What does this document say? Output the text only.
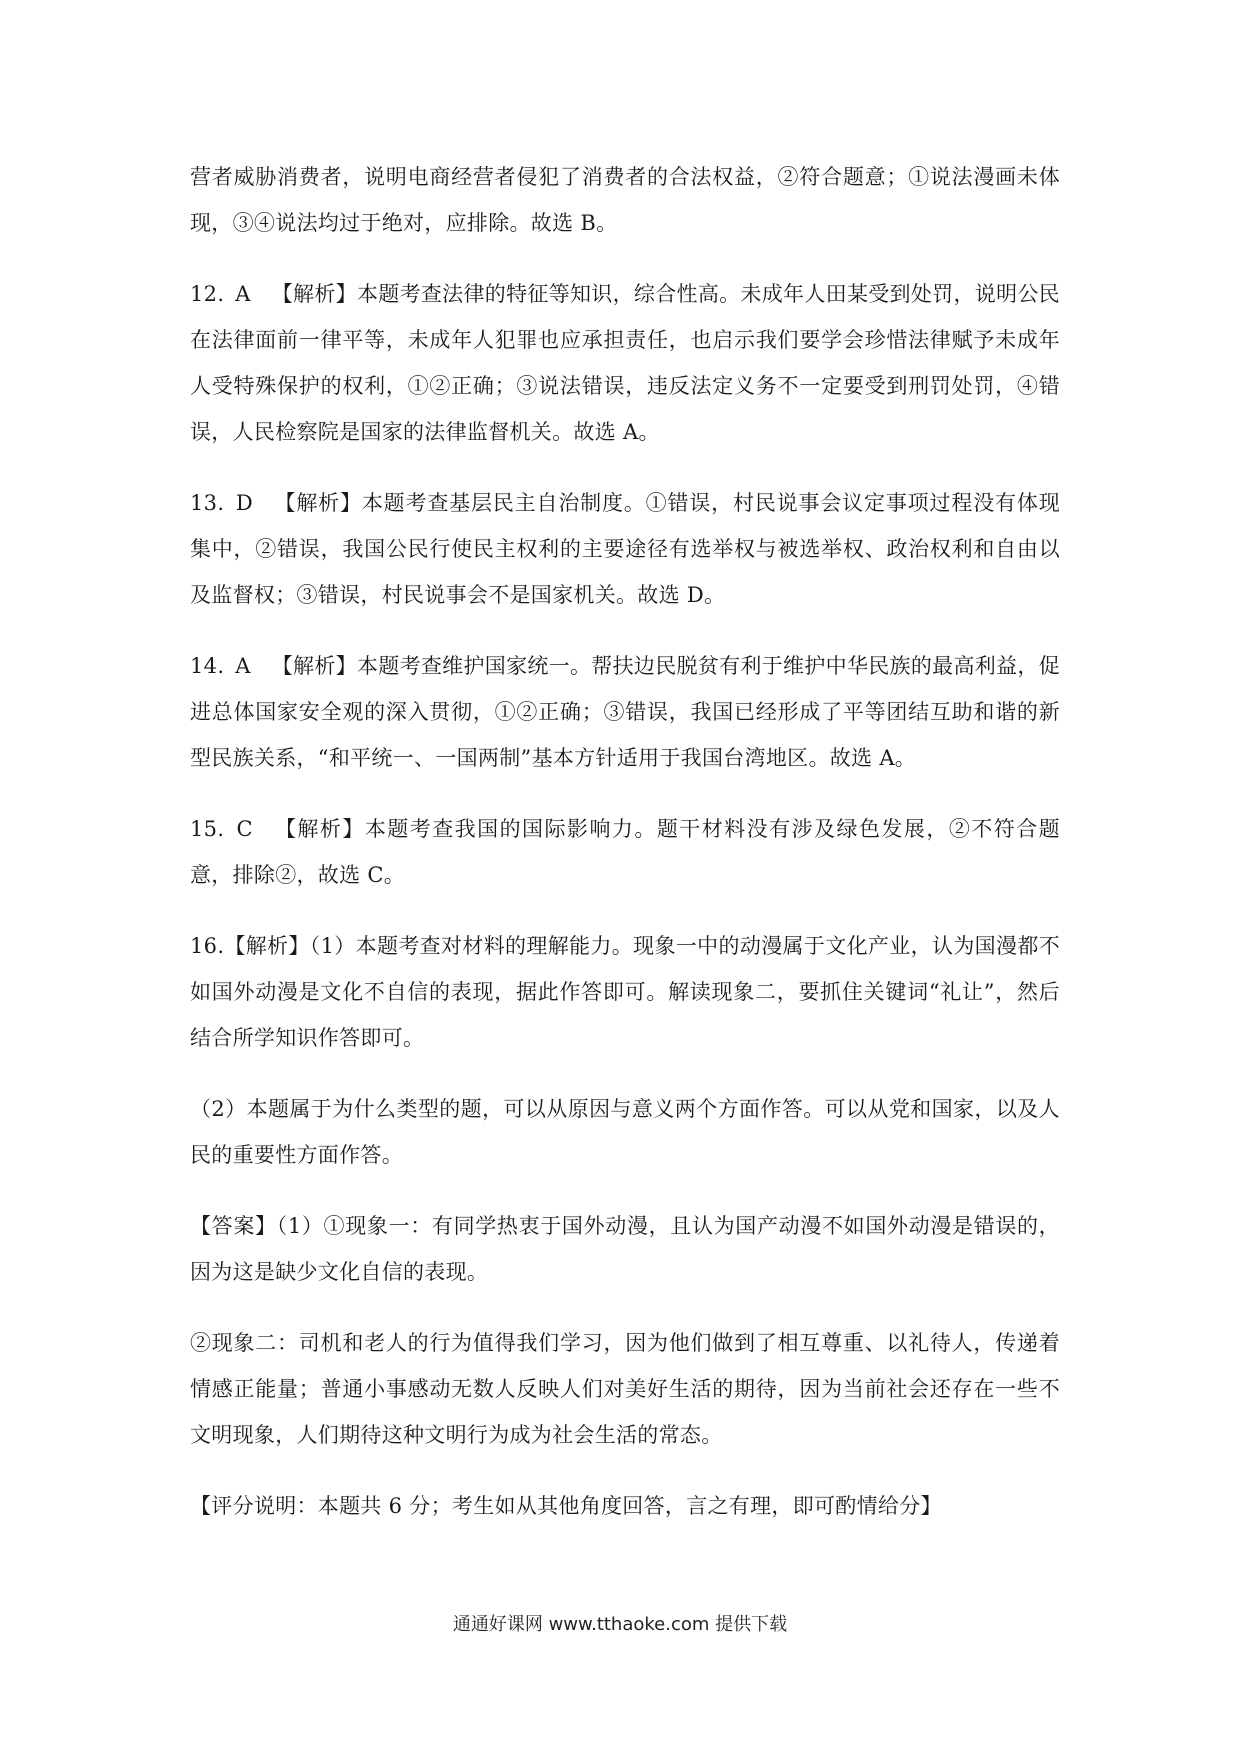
营者威胁消费者，说明电商经营者侵犯了消费者的合法权益，②符合题意；①说法漫画未体现，③④说法均过于绝对，应排除。故选 B。

12. A 【解析】本题考查法律的特征等知识，综合性高。未成年人田某受到处罚，说明公民在法律面前一律平等，未成年人犯罪也应承担责任，也启示我们要学会珍惜法律赋予未成年人受特殊保护的权利，①②正确；③说法错误，违反法定义务不一定要受到刑罚处罚，④错误，人民检察院是国家的法律监督机关。故选 A。

13. D 【解析】本题考查基层民主自治制度。①错误，村民说事会议定事项过程没有体现集中，②错误，我国公民行使民主权利的主要途径有选举权与被选举权、政治权利和自由以及监督权；③错误，村民说事会不是国家机关。故选 D。

14. A 【解析】本题考查维护国家统一。帮扶边民脱贫有利于维护中华民族的最高利益，促进总体国家安全观的深入贯彻，①②正确；③错误，我国已经形成了平等团结互助和谐的新型民族关系，“和平统一、一国两制”基本方针适用于我国台湾地区。故选 A。

15. C 【解析】本题考查我国的国际影响力。题干材料没有涉及绿色发展，②不符合题意，排除②，故选 C。

16.【解析】（1）本题考查对材料的理解能力。现象一中的动漫属于文化产业，认为国漫都不如国外动漫是文化不自信的表现，据此作答即可。解读现象二，要抓住关键词“礼让”，然后结合所学知识作答即可。

（2）本题属于为什么类型的题，可以从原因与意义两个方面作答。可以从党和国家，以及人民的重要性方面作答。

【答案】（1）①现象一：有同学热衷于国外动漫，且认为国产动漫不如国外动漫是错误的，因为这是缺少文化自信的表现。

②现象二：司机和老人的行为值得我们学习，因为他们做到了相互尊重、以礼待人，传递着情感正能量；普通小事感动无数人反映人们对美好生活的期待，因为当前社会还存在一些不文明现象，人们期待这种文明行为成为社会生活的常态。

【评分说明：本题共 6 分；考生如从其他角度回答，言之有理，即可酌情给分】

通通好课网 www.tthaoke.com 提供下载
